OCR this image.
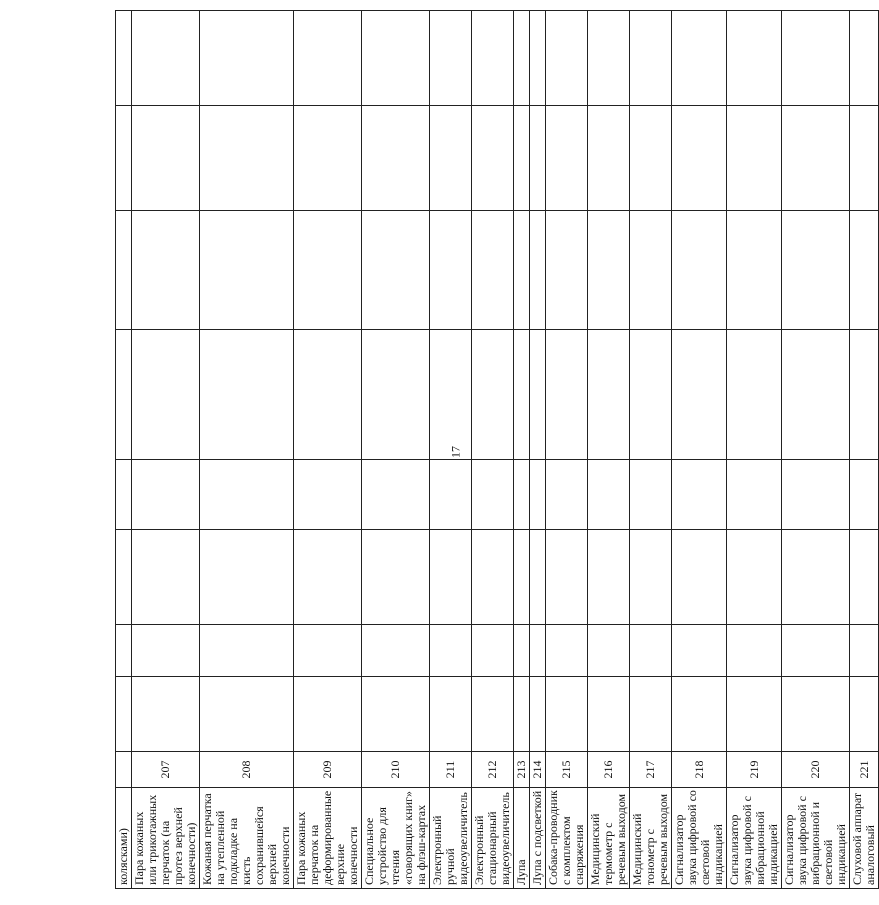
17
колясками)									
Пара кожаных или трикотажных перчаток (на протез верхней конечности)	207								
Кожаная перчатка на утепленной подкладке на кисть сохранившейся верхней конечности	208								
Пара кожаных перчаток на деформированные верхние конечности	209								
Специальное устройство для чтения «говорящих книг» на флэш-картах	210								
Электронный ручной видеоувеличитель	211								
Электронный стационарный видеоувеличитель	212								
Лупа	213								
Лупа с подсветкой	214								
Собака-проводник с комплектом снаряжения	215								
Медицинский термометр с речевым выходом	216								
Медицинский тонометр с речевым выходом	217								
Сигнализатор звука цифровой со световой индикацией	218								
Сигнализатор звука цифровой с вибрационной индикацией	219								
Сигнализатор звука цифровой с вибрационной и световой индикацией	220								
Слуховой аппарат аналоговый	221								
